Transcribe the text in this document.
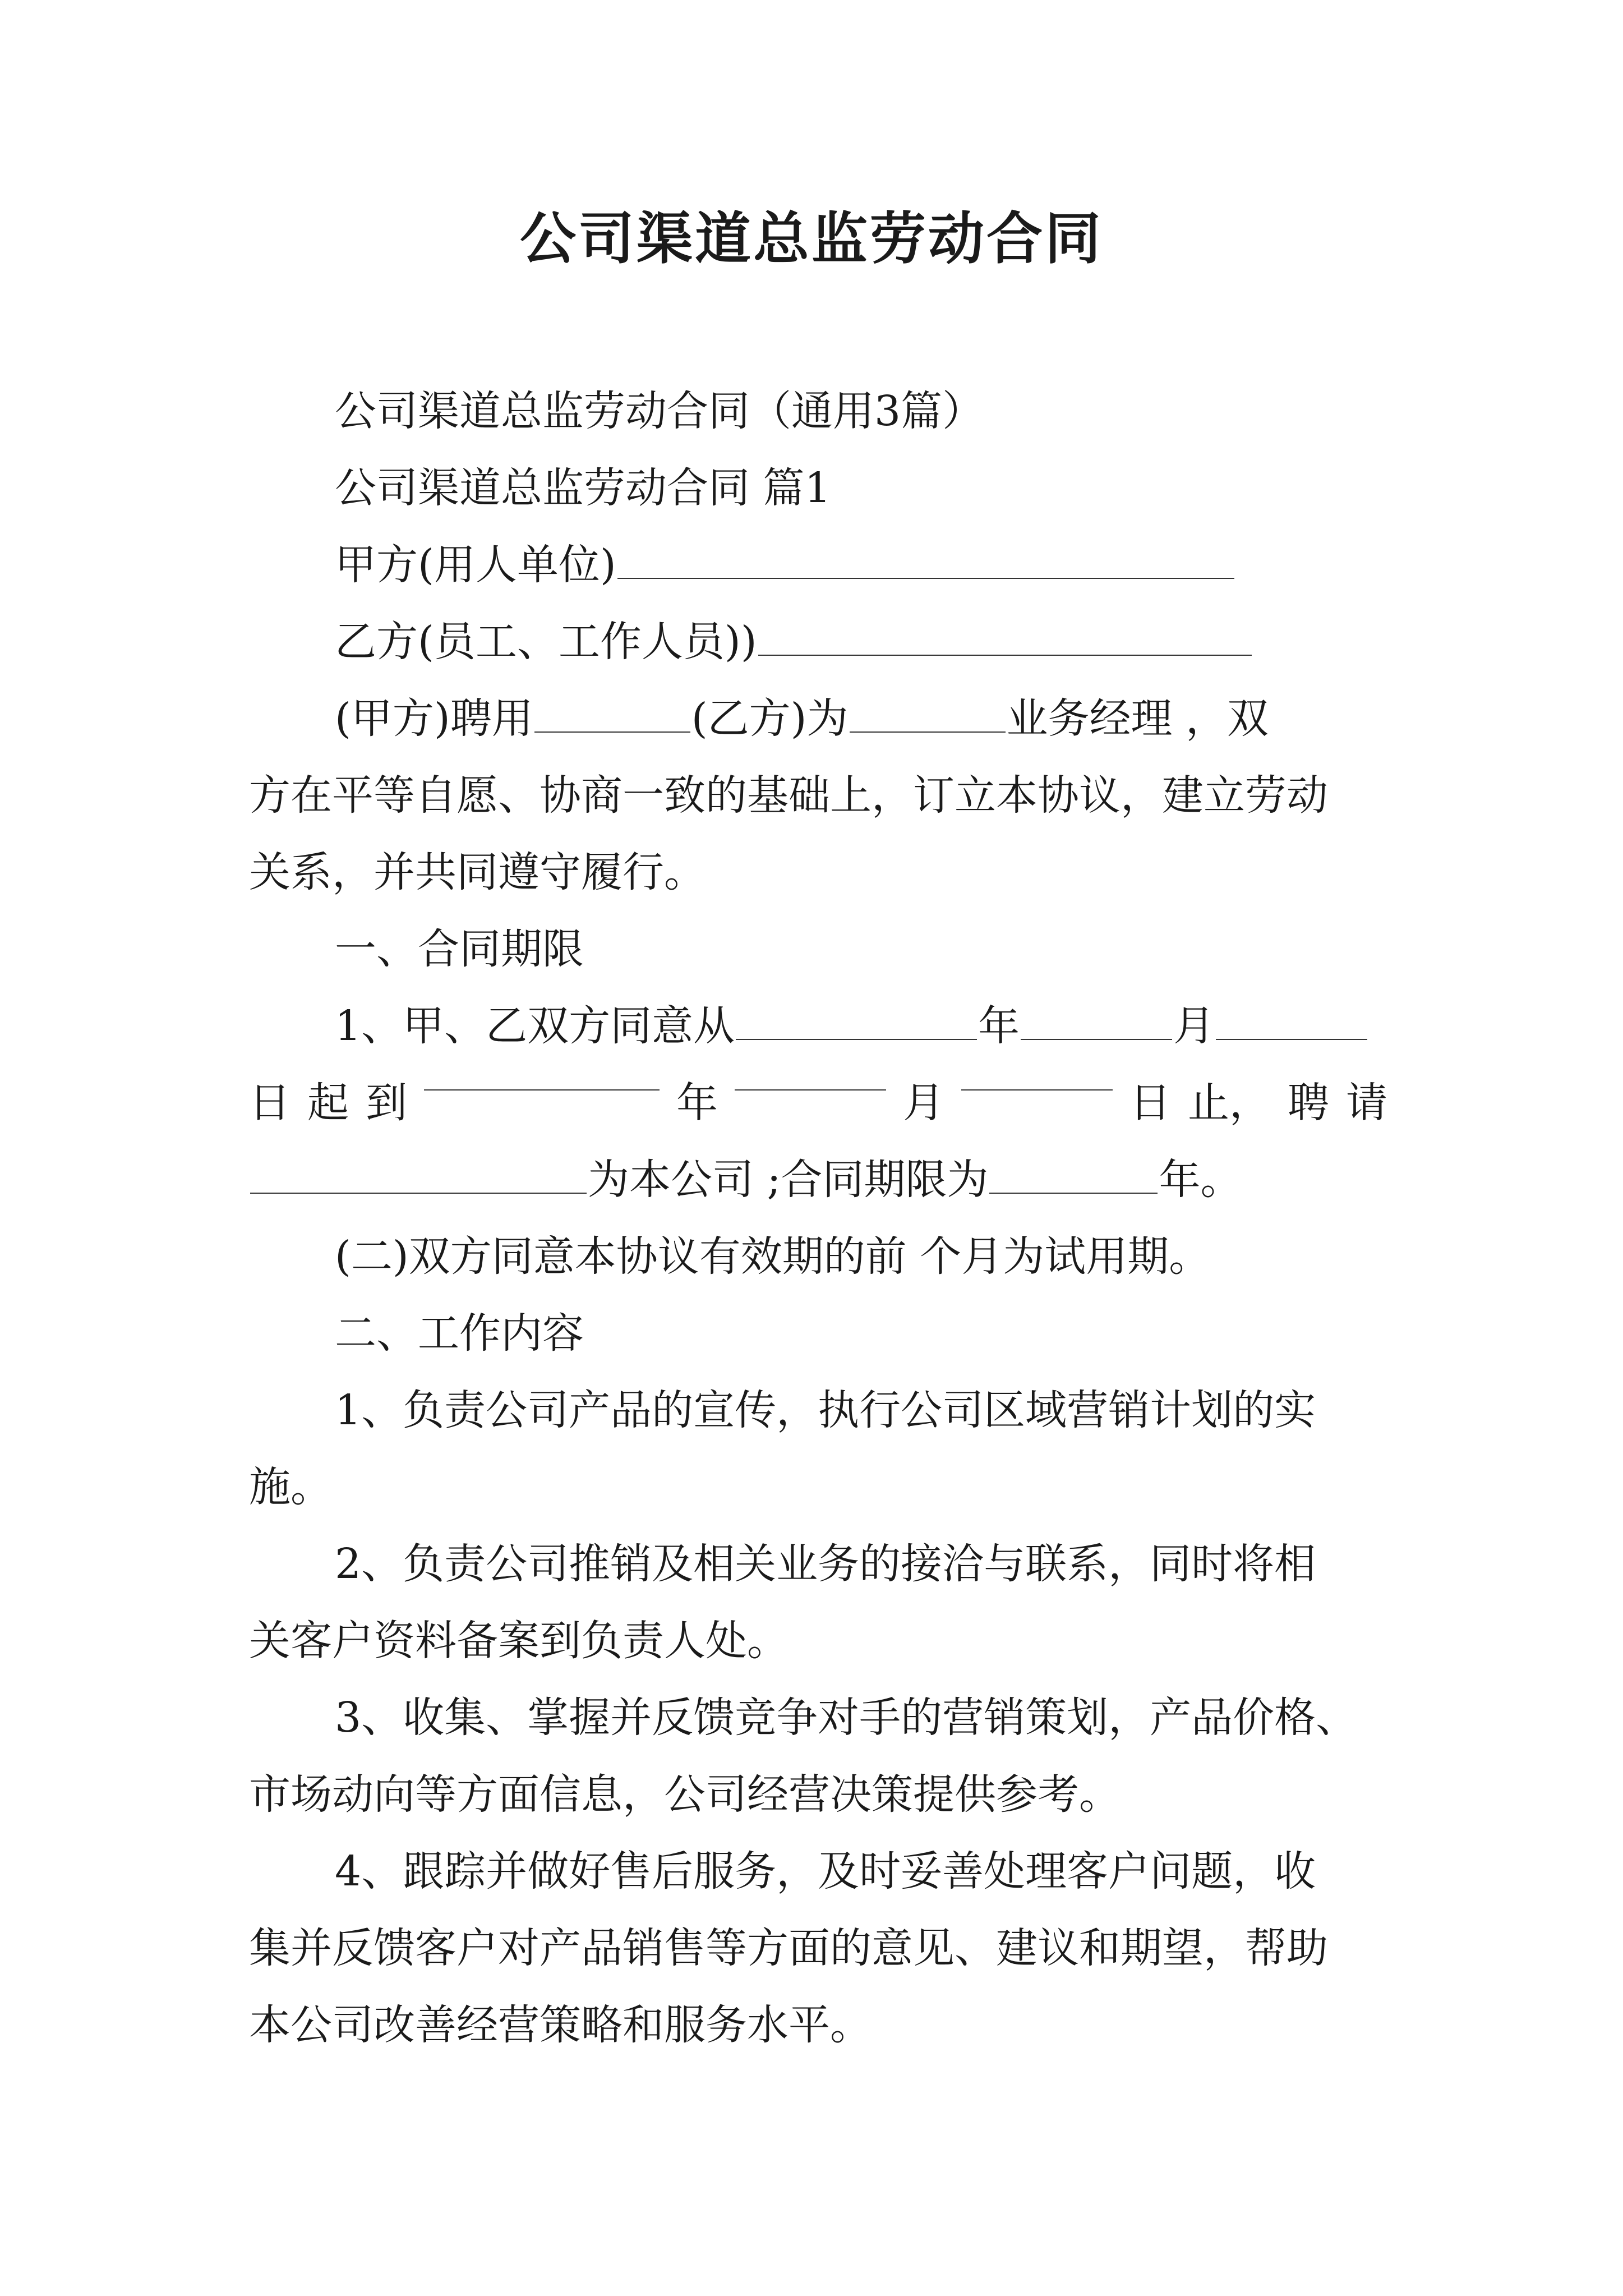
公司渠道总监劳动合同
公司渠道总监劳动合同（通用3篇）
公司渠道总监劳动合同 篇1
甲方(用人单位)
乙方(员工、工作人员))
(甲方)聘用	(乙方)为	业务经理 ，双
方在平等自愿、协商一致的基础上，订立本协议，建立劳动
关系，并共同遵守履行。
一、合同期限
1、甲、乙双方同意从	年	月
日 起 到	年	月	日 止， 聘 请
为本公司 ;合同期限为	年。
(二)双方同意本协议有效期的前 个月为试用期。
二、工作内容
1、负责公司产品的宣传，执行公司区域营销计划的实
施。
2、负责公司推销及相关业务的接洽与联系，同时将相
关客户资料备案到负责人处。
3、收集、掌握并反馈竞争对手的营销策划，产品价格、
市场动向等方面信息，公司经营决策提供参考。
4、跟踪并做好售后服务，及时妥善处理客户问题，收
集并反馈客户对产品销售等方面的意见、建议和期望，帮助
本公司改善经营策略和服务水平。
